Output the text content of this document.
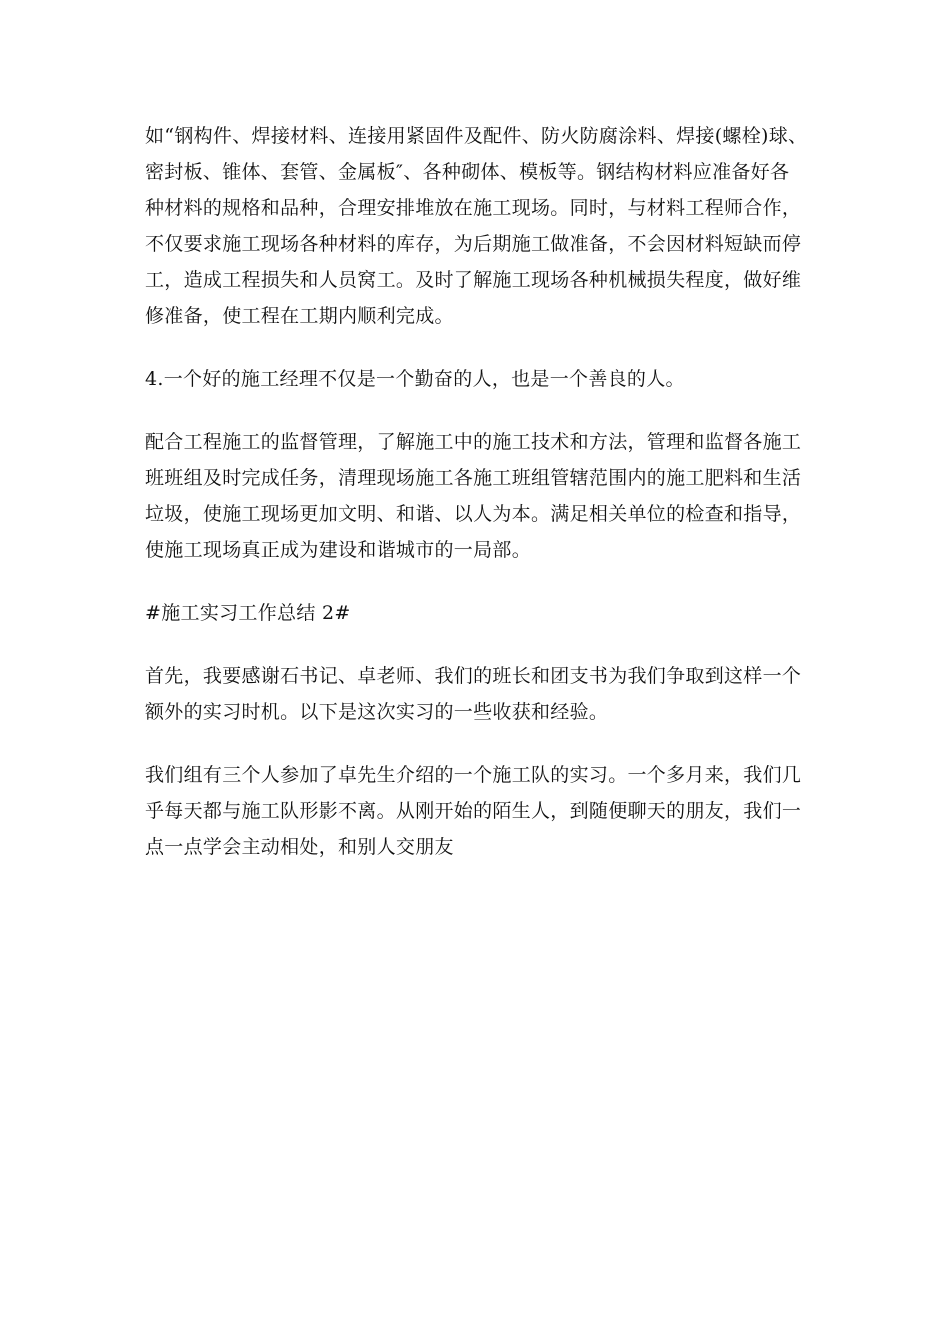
如“钢构件、焊接材料、连接用紧固件及配件、防火防腐涂料、焊接(螺栓)球、
密封板、锥体、套管、金属板″、各种砌体、模板等。钢结构材料应准备好各
种材料的规格和品种，合理安排堆放在施工现场。同时，与材料工程师合作，
不仅要求施工现场各种材料的库存，为后期施工做准备，不会因材料短缺而停
工，造成工程损失和人员窝工。及时了解施工现场各种机械损失程度，做好维
修准备，使工程在工期内顺利完成。

4.一个好的施工经理不仅是一个勤奋的人，也是一个善良的人。

配合工程施工的监督管理，了解施工中的施工技术和方法，管理和监督各施工
班班组及时完成任务，清理现场施工各施工班组管辖范围内的施工肥料和生活
垃圾，使施工现场更加文明、和谐、以人为本。满足相关单位的检查和指导，
使施工现场真正成为建设和谐城市的一局部。

#施工实习工作总结 2#

首先，我要感谢石书记、卓老师、我们的班长和团支书为我们争取到这样一个
额外的实习时机。以下是这次实习的一些收获和经验。

我们组有三个人参加了卓先生介绍的一个施工队的实习。一个多月来，我们几
乎每天都与施工队形影不离。从刚开始的陌生人，到随便聊天的朋友，我们一
点一点学会主动相处，和别人交朋友
